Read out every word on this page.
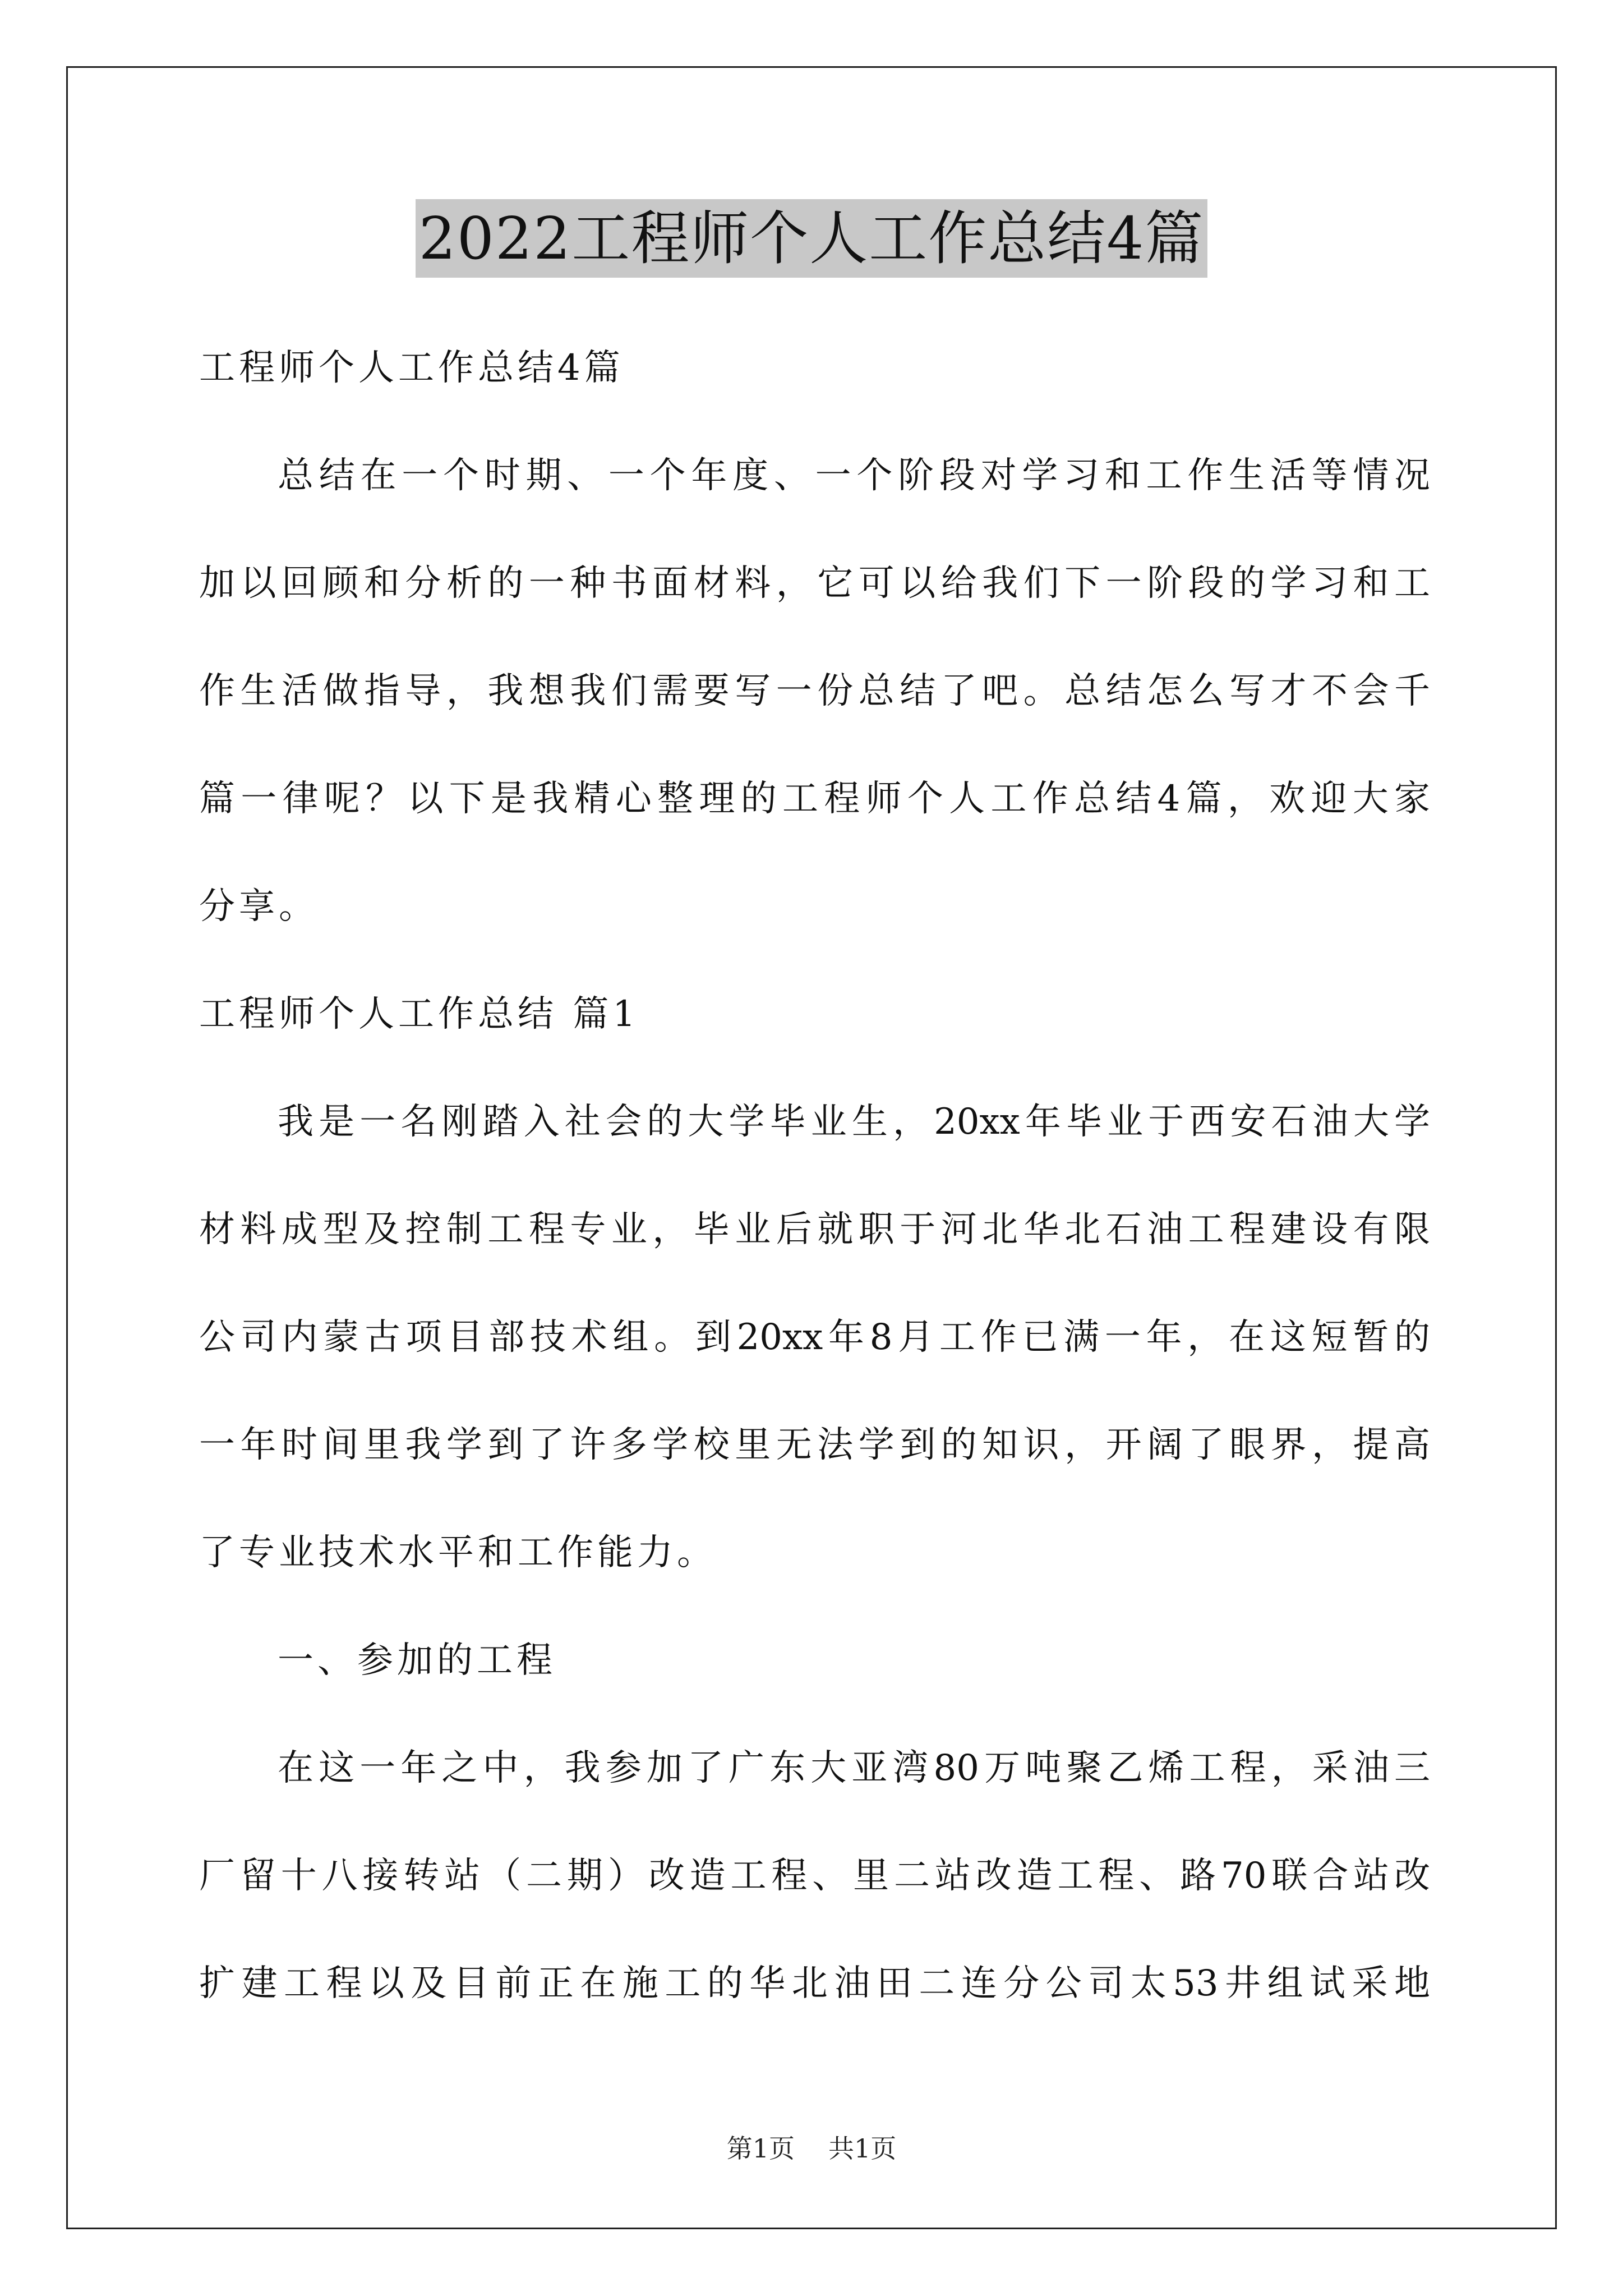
2022工程师个人工作总结4篇
工程师个人工作总结4篇
总结在一个时期、一个年度、一个阶段对学习和工作生活等情况
加以回顾和分析的一种书面材料，它可以给我们下一阶段的学习和工
作生活做指导，我想我们需要写一份总结了吧。总结怎么写才不会千
篇一律呢？以下是我精心整理的工程师个人工作总结4篇，欢迎大家
分享。
工程师个人工作总结 篇1
我是一名刚踏入社会的大学毕业生，20xx年毕业于西安石油大学
材料成型及控制工程专业，毕业后就职于河北华北石油工程建设有限
公司内蒙古项目部技术组。到20xx年8月工作已满一年，在这短暂的
一年时间里我学到了许多学校里无法学到的知识，开阔了眼界，提高
了专业技术水平和工作能力。
一、参加的工程
在这一年之中，我参加了广东大亚湾80万吨聚乙烯工程，采油三
厂留十八接转站（二期）改造工程、里二站改造工程、路70联合站改
扩建工程以及目前正在施工的华北油田二连分公司太53井组试采地
第1页 共1页
